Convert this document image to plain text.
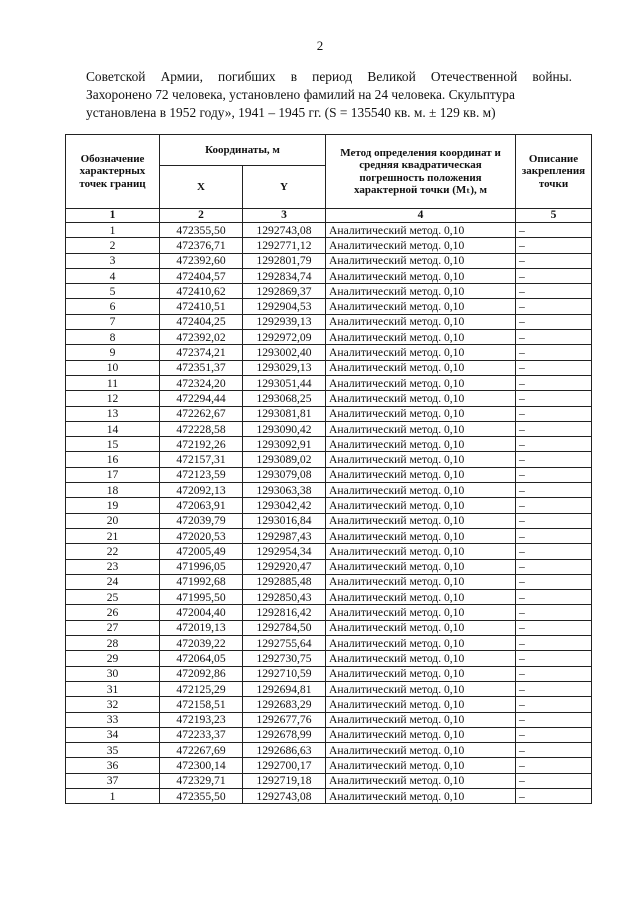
2

Советской Армии, погибших в период Великой Отечественной войны.

Захоронено 72 человека, установлено фамилий на 24 человека. Скульптура

установлена в 1952 году», 1941 – 1945 гг. (S = 135540 кв. м. ± 129 кв. м)

Обозначение характерных точек границ	Координаты, м		Метод определения координат и средняя квадратическая погрешность положения характерной точки (Мₜ), м	Описание закрепления точки
	X	Y		
1	2	3	4	5
1	472355,50	1292743,08	Аналитический метод. 0,10	–
2	472376,71	1292771,12	Аналитический метод. 0,10	–
3	472392,60	1292801,79	Аналитический метод. 0,10	–
4	472404,57	1292834,74	Аналитический метод. 0,10	–
5	472410,62	1292869,37	Аналитический метод. 0,10	–
6	472410,51	1292904,53	Аналитический метод. 0,10	–
7	472404,25	1292939,13	Аналитический метод. 0,10	–
8	472392,02	1292972,09	Аналитический метод. 0,10	–
9	472374,21	1293002,40	Аналитический метод. 0,10	–
10	472351,37	1293029,13	Аналитический метод. 0,10	–
11	472324,20	1293051,44	Аналитический метод. 0,10	–
12	472294,44	1293068,25	Аналитический метод. 0,10	–
13	472262,67	1293081,81	Аналитический метод. 0,10	–
14	472228,58	1293090,42	Аналитический метод. 0,10	–
15	472192,26	1293092,91	Аналитический метод. 0,10	–
16	472157,31	1293089,02	Аналитический метод. 0,10	–
17	472123,59	1293079,08	Аналитический метод. 0,10	–
18	472092,13	1293063,38	Аналитический метод. 0,10	–
19	472063,91	1293042,42	Аналитический метод. 0,10	–
20	472039,79	1293016,84	Аналитический метод. 0,10	–
21	472020,53	1292987,43	Аналитический метод. 0,10	–
22	472005,49	1292954,34	Аналитический метод. 0,10	–
23	471996,05	1292920,47	Аналитический метод. 0,10	–
24	471992,68	1292885,48	Аналитический метод. 0,10	–
25	471995,50	1292850,43	Аналитический метод. 0,10	–
26	472004,40	1292816,42	Аналитический метод. 0,10	–
27	472019,13	1292784,50	Аналитический метод. 0,10	–
28	472039,22	1292755,64	Аналитический метод. 0,10	–
29	472064,05	1292730,75	Аналитический метод. 0,10	–
30	472092,86	1292710,59	Аналитический метод. 0,10	–
31	472125,29	1292694,81	Аналитический метод. 0,10	–
32	472158,51	1292683,29	Аналитический метод. 0,10	–
33	472193,23	1292677,76	Аналитический метод. 0,10	–
34	472233,37	1292678,99	Аналитический метод. 0,10	–
35	472267,69	1292686,63	Аналитический метод. 0,10	–
36	472300,14	1292700,17	Аналитический метод. 0,10	–
37	472329,71	1292719,18	Аналитический метод. 0,10	–
1	472355,50	1292743,08	Аналитический метод. 0,10	–
